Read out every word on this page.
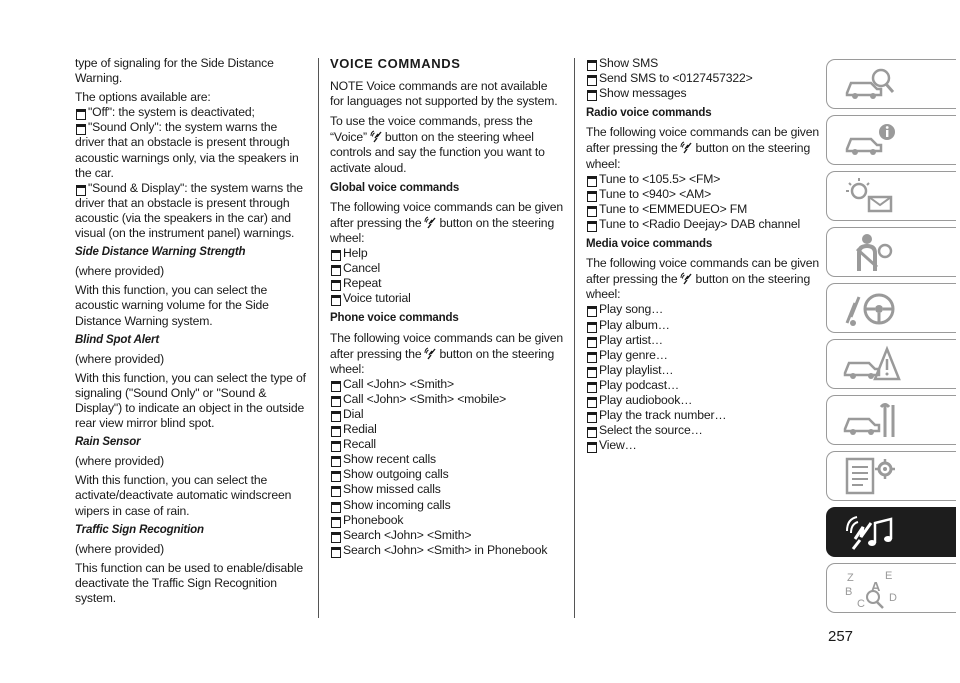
type of signaling for the Side Distance Warning.

The options available are:

"Off": the system is deactivated;

"Sound Only": the system warns the driver that an obstacle is present through acoustic warnings only, via the speakers in the car.

"Sound & Display": the system warns the driver that an obstacle is present through acoustic (via the speakers in the car) and visual (on the instrument panel) warnings.

Side Distance Warning Strength

(where provided)

With this function, you can select the acoustic warning volume for the Side Distance Warning system.

Blind Spot Alert

(where provided)

With this function, you can select the type of signaling ("Sound Only" or "Sound & Display") to indicate an object in the outside rear view mirror blind spot.

Rain Sensor

(where provided)

With this function, you can select the activate/deactivate automatic windscreen wipers in case of rain.

Traffic Sign Recognition

(where provided)

This function can be used to enable/disable deactivate the Traffic Sign Recognition system.

VOICE COMMANDS

NOTE Voice commands are not available for languages not supported by the system.

To use the voice commands, press the “Voice” button on the steering wheel controls and say the function you want to activate aloud.

Global voice commands

The following voice commands can be given after pressing the button on the steering wheel:

Help

Cancel

Repeat

Voice tutorial

Phone voice commands

The following voice commands can be given after pressing the button on the steering wheel:

Call <John> <Smith>

Call <John> <Smith> <mobile>

Dial

Redial

Recall

Show recent calls

Show outgoing calls

Show missed calls

Show incoming calls

Phonebook

Search <John> <Smith>

Search <John> <Smith> in Phonebook

Show SMS

Send SMS to <0127457322>

Show messages

Radio voice commands

The following voice commands can be given after pressing the button on the steering wheel:

Tune to <105.5> <FM>

Tune to <940> <AM>

Tune to <EMMEDUEO> FM

Tune to <Radio Deejay> DAB channel

Media voice commands

The following voice commands can be given after pressing the button on the steering wheel:

Play song…

Play album…

Play artist…

Play genre…

Play playlist…

Play podcast…

Play audiobook…

Play the track number…

Select the source…

View…

Z	E
B A
C D
257
